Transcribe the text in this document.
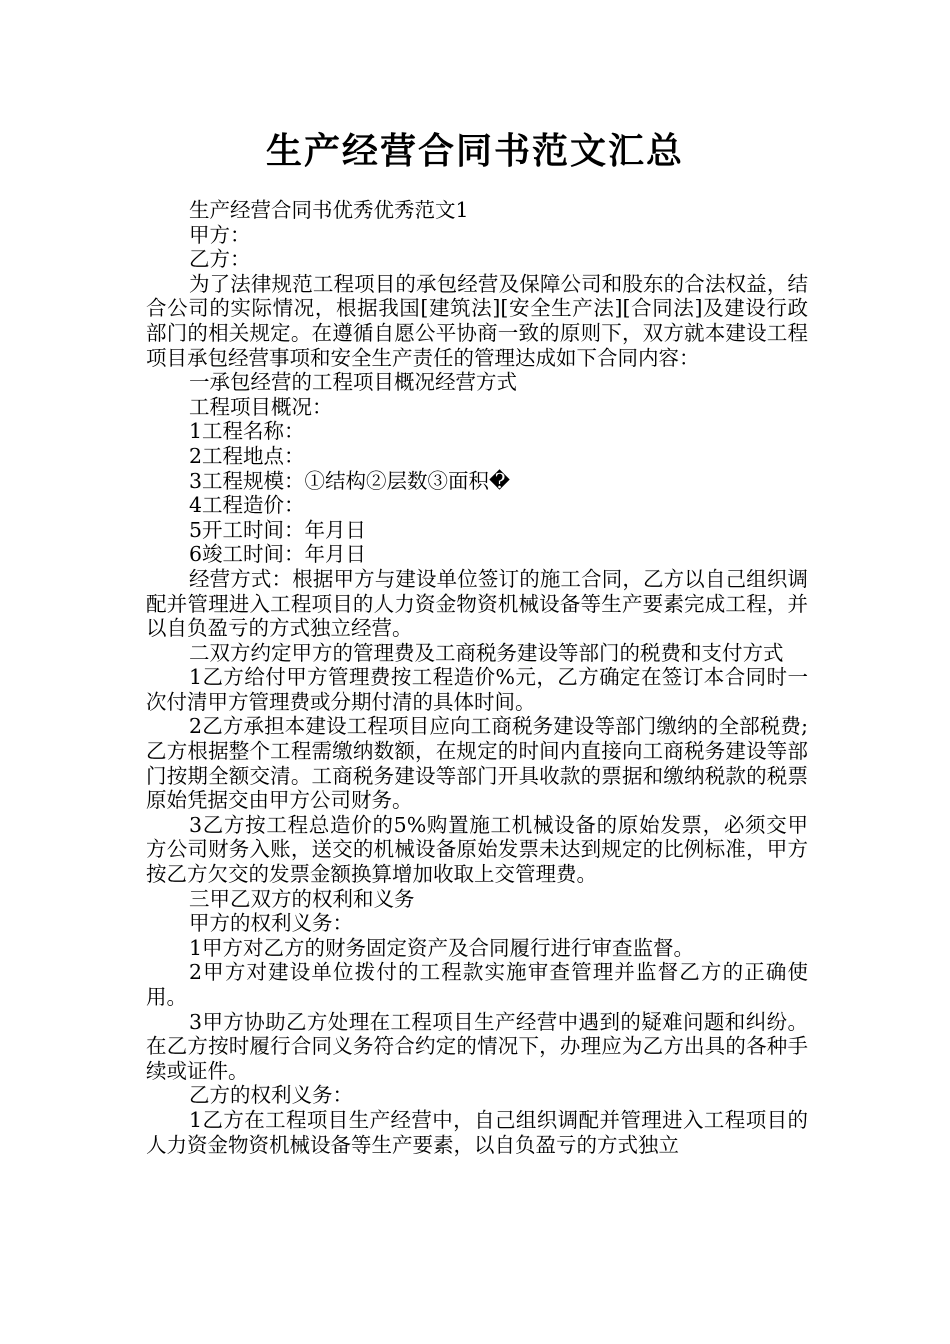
生产经营合同书范文汇总

生产经营合同书优秀优秀范文1

甲方：

乙方：

为了法律规范工程项目的承包经营及保障公司和股东的合法权益，结合公司的实际情况，根据我国[建筑法][安全生产法][合同法]及建设行政部门的相关规定。在遵循自愿公平协商一致的原则下，双方就本建设工程项目承包经营事项和安全生产责任的管理达成如下合同内容：

一承包经营的工程项目概况经营方式

工程项目概况：

1工程名称：

2工程地点：

3工程规模：①结构②层数③面积�

4工程造价：

5开工时间：年月日

6竣工时间：年月日

经营方式：根据甲方与建设单位签订的施工合同，乙方以自己组织调配并管理进入工程项目的人力资金物资机械设备等生产要素完成工程，并以自负盈亏的方式独立经营。

二双方约定甲方的管理费及工商税务建设等部门的税费和支付方式

1乙方给付甲方管理费按工程造价%元，乙方确定在签订本合同时一次付清甲方管理费或分期付清的具体时间。

2乙方承担本建设工程项目应向工商税务建设等部门缴纳的全部税费;乙方根据整个工程需缴纳数额，在规定的时间内直接向工商税务建设等部门按期全额交清。工商税务建设等部门开具收款的票据和缴纳税款的税票原始凭据交由甲方公司财务。

3乙方按工程总造价的5%购置施工机械设备的原始发票，必须交甲方公司财务入账，送交的机械设备原始发票未达到规定的比例标准，甲方按乙方欠交的发票金额换算增加收取上交管理费。

三甲乙双方的权利和义务

甲方的权利义务：

1甲方对乙方的财务固定资产及合同履行进行审查监督。

2甲方对建设单位拨付的工程款实施审查管理并监督乙方的正确使用。

3甲方协助乙方处理在工程项目生产经营中遇到的疑难问题和纠纷。在乙方按时履行合同义务符合约定的情况下，办理应为乙方出具的各种手续或证件。

乙方的权利义务：

1乙方在工程项目生产经营中，自己组织调配并管理进入工程项目的人力资金物资机械设备等生产要素，以自负盈亏的方式独立
